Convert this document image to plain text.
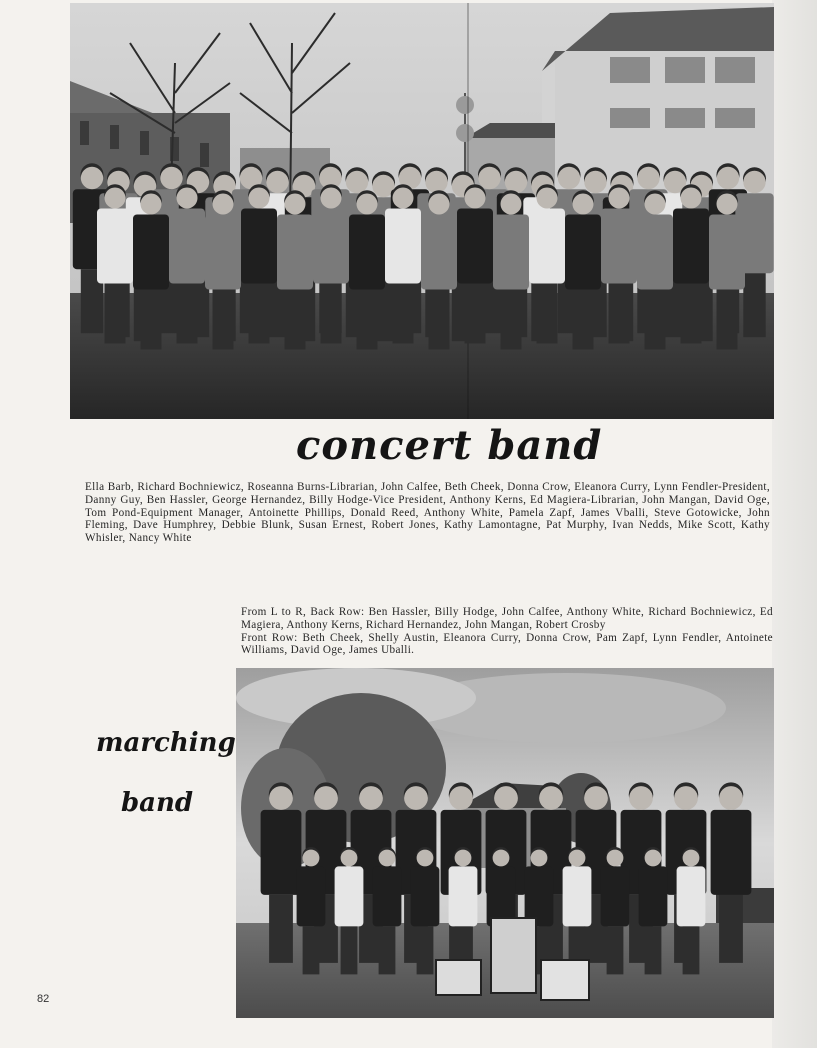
concert band
Ella Barb, Richard Bochniewicz, Roseanna Burns-Librarian, John Calfee, Beth Cheek, Donna Crow, Eleanora Curry, Lynn Fendler-President, Danny Guy, Ben Hassler, George Hernandez, Billy Hodge-Vice President, Anthony Kerns, Ed Magiera-Librarian, John Mangan, David Oge, Tom Pond-Equipment Manager, Antoinette Phillips, Donald Reed, Anthony White, Pamela Zapf, James Vballi, Steve Gotowicke, John Fleming, Dave Humphrey, Debbie Blunk, Susan Ernest, Robert Jones, Kathy Lamontagne, Pat Murphy, Ivan Nedds, Mike Scott, Kathy Whisler, Nancy White
From L to R, Back Row: Ben Hassler, Billy Hodge, John Calfee, Anthony White, Richard Bochniewicz, Ed Magiera, Anthony Kerns, Richard Hernandez, John Mangan, Robert Crosby
Front Row: Beth Cheek, Shelly Austin, Eleanora Curry, Donna Crow, Pam Zapf, Lynn Fendler, Antoinete Williams, David Oge, James Uballi.
marching
band
82
